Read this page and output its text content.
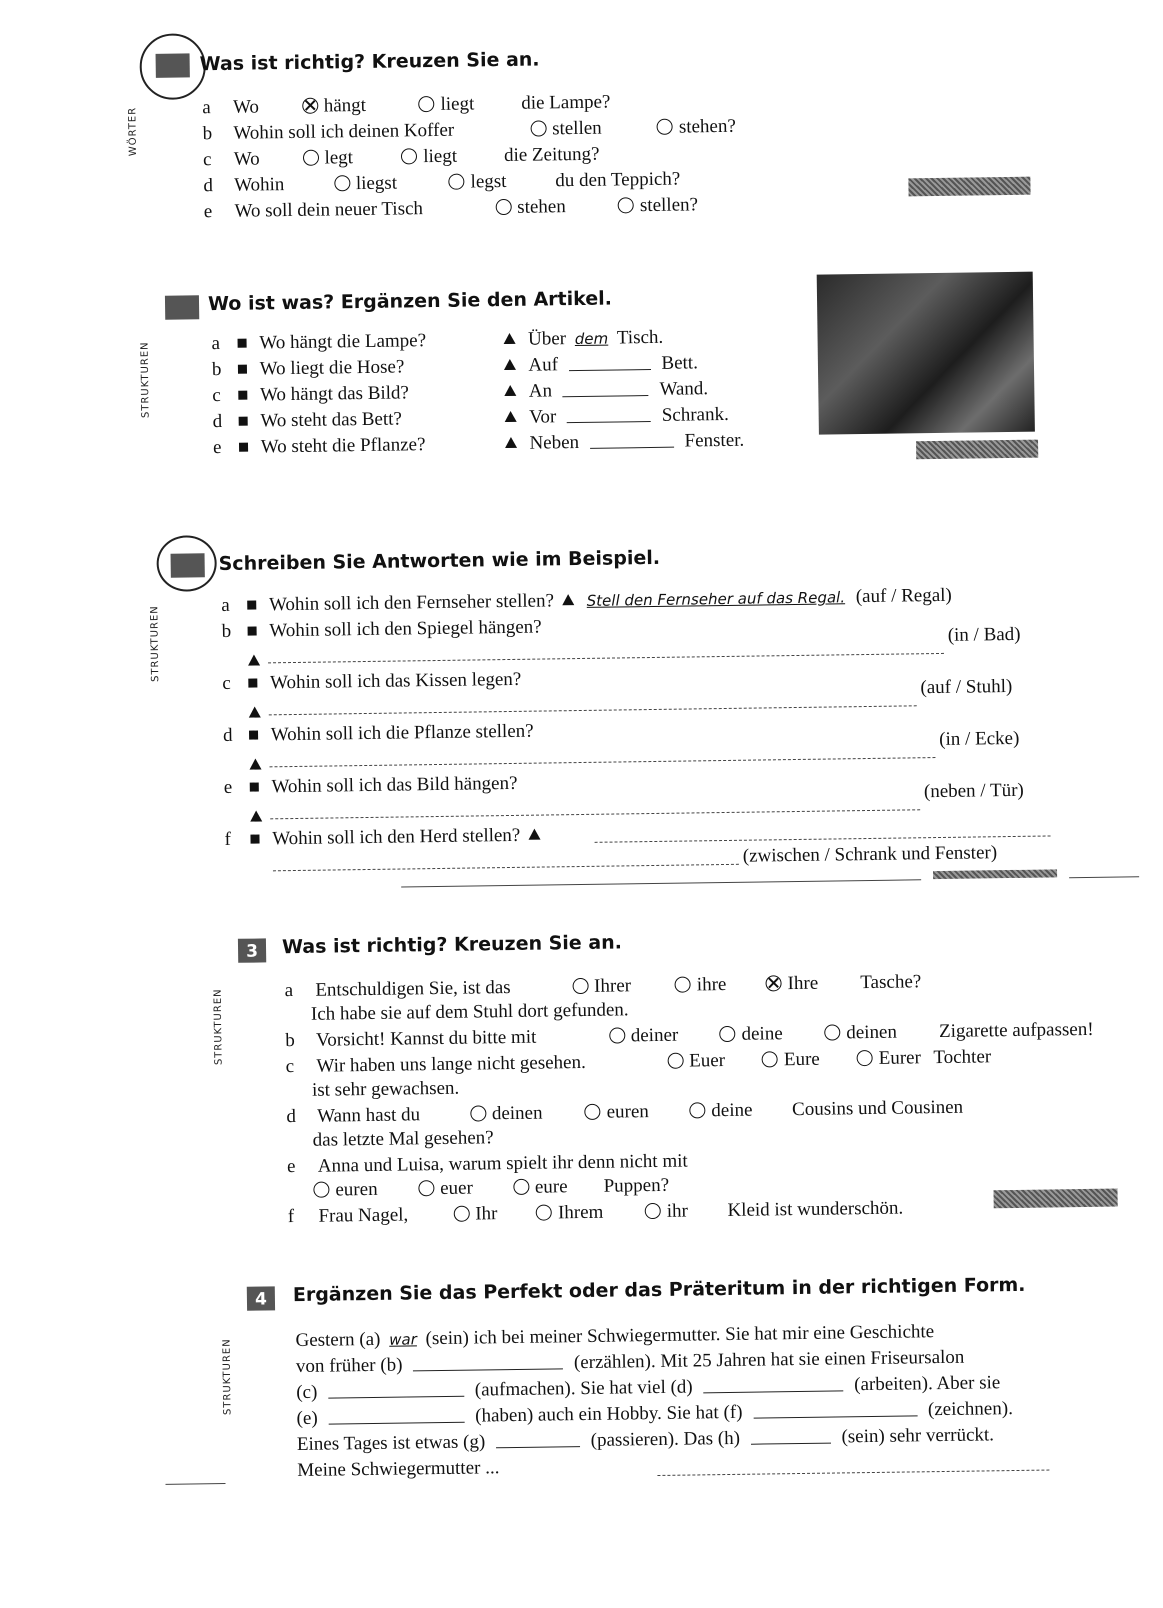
Was ist richtig? Kreuzen Sie an.
WÖRTER	a Wo	hängt	liegt die Lampe?
b Wohin soll ich deinen Koffer	stellen	stehen?
c Wo	legt	liegt die Zeitung?
d Wohin	liegst	legst	du den Teppich?
e Wo soll dein neuer Tisch	stehen	stellen?
Wo ist was? Ergänzen Sie den Artikel.
STRUKTUREN	a Wo hängt die Lampe?	Über dem Tisch.
b Wo liegt die Hose?	Auf	Bett.
c Wo hängt das Bild?	An	Wand.
d Wo steht das Bett?	Vor	Schrank.
e Wo steht die Pflanze?	Neben	Fenster.
Schreiben Sie Antworten wie im Beispiel.
STRUKTUREN	a Wohin soll ich den Fernseher stellen? Stell den Fernseher auf das Regal. (auf / Regal)
b Wohin soll ich den Spiegel hängen?	(in / Bad)
c Wohin soll ich das Kissen legen?	(auf / Stuhl)
d Wohin soll ich die Pflanze stellen?	(in / Ecke)
e Wohin soll ich das Bild hängen?	(neben / Tür)
f Wohin soll ich den Herd stellen?
(zwischen / Schrank und Fenster)
3	Was ist richtig? Kreuzen Sie an.
STRUKTUREN	a Entschuldigen Sie, ist das	Ihrer	ihre	Ihre Tasche?
Ich habe sie auf dem Stuhl dort gefunden.
b Vorsicht! Kannst du bitte mit	deiner	deine	deinen Zigarette aufpassen!
c Wir haben uns lange nicht gesehen.	Euer	Eure	Eurer Tochter
ist sehr gewachsen.
d Wann hast du	deinen	euren	deine Cousins und Cousinen
das letzte Mal gesehen?
e Anna und Luisa, warum spielt ihr denn nicht mit
euren	euer	eure Puppen?
f Frau Nagel,	Ihr	Ihrem	ihr Kleid ist wunderschön.
4	Ergänzen Sie das Perfekt oder das Präteritum in der richtigen Form.
STRUKTUREN	Gestern (a) war (sein) ich bei meiner Schwiegermutter. Sie hat mir eine Geschichte
von früher (b)	(erzählen). Mit 25 Jahren hat sie einen Friseursalon
(c)	(aufmachen). Sie hat viel (d)	(arbeiten). Aber sie
(e)	(haben) auch ein Hobby. Sie hat (f)	(zeichnen).
Eines Tages ist etwas (g)	(passieren). Das (h)	(sein) sehr verrückt.
Meine Schwiegermutter ...
